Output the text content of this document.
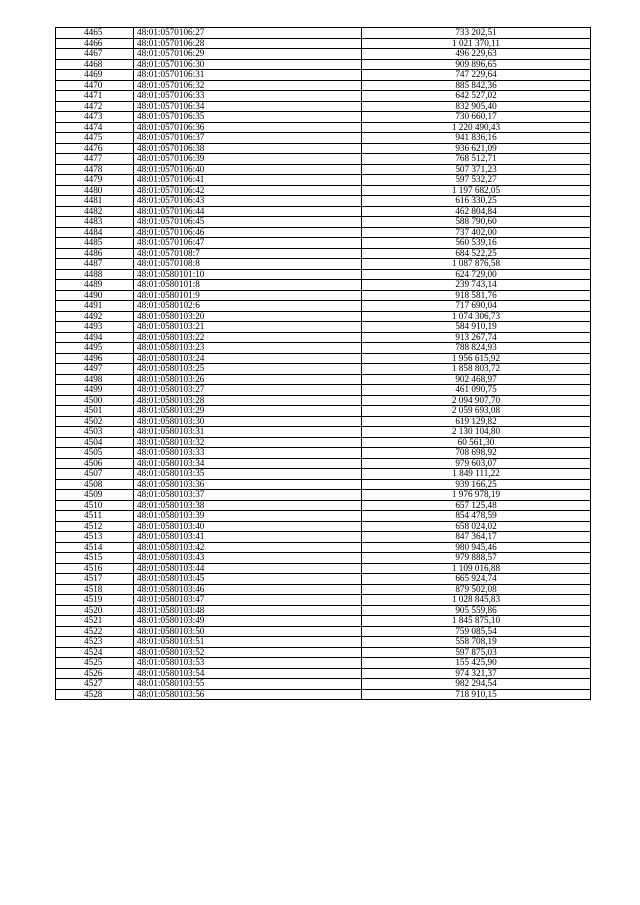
4465	48:01:0570106:27	733 202,51
4466	48:01:0570106:28	1 021 370,11
4467	48:01:0570106:29	496 229,63
4468	48:01:0570106:30	909 896,65
4469	48:01:0570106:31	747 229,64
4470	48:01:0570106:32	885 842,36
4471	48:01:0570106:33	642 527,02
4472	48:01:0570106:34	832 905,40
4473	48:01:0570106:35	730 660,17
4474	48:01:0570106:36	1 220 490,43
4475	48:01:0570106:37	941 836,16
4476	48:01:0570106:38	936 621,09
4477	48:01:0570106:39	768 512,71
4478	48:01:0570106:40	507 371,23
4479	48:01:0570106:41	597 532,27
4480	48:01:0570106:42	1 197 682,05
4481	48:01:0570106:43	616 330,25
4482	48:01:0570106:44	462 804,84
4483	48:01:0570106:45	588 790,60
4484	48:01:0570106:46	737 402,00
4485	48:01:0570106:47	560 539,16
4486	48:01:0570108:7	684 522,25
4487	48:01:0570108:8	1 087 876,58
4488	48:01:0580101:10	624 729,00
4489	48:01:0580101:8	239 743,14
4490	48:01:0580101:9	918 581,76
4491	48:01:0580102:6	717 690,04
4492	48:01:0580103:20	1 074 306,73
4493	48:01:0580103:21	584 910,19
4494	48:01:0580103:22	913 267,74
4495	48:01:0580103:23	788 824,93
4496	48:01:0580103:24	1 956 615,92
4497	48:01:0580103:25	1 858 803,72
4498	48:01:0580103:26	902 468,97
4499	48:01:0580103:27	461 090,75
4500	48:01:0580103:28	2 094 907,70
4501	48:01:0580103:29	2 059 693,08
4502	48:01:0580103:30	619 129,82
4503	48:01:0580103:31	2 130 104,80
4504	48:01:0580103:32	60 561,30
4505	48:01:0580103:33	708 698,92
4506	48:01:0580103:34	979 603,07
4507	48:01:0580103:35	1 849 111,22
4508	48:01:0580103:36	939 166,25
4509	48:01:0580103:37	1 976 978,19
4510	48:01:0580103:38	657 125,48
4511	48:01:0580103:39	854 478,59
4512	48:01:0580103:40	658 024,02
4513	48:01:0580103:41	847 364,17
4514	48:01:0580103:42	980 945,46
4515	48:01:0580103:43	979 888,57
4516	48:01:0580103:44	1 109 016,88
4517	48:01:0580103:45	665 924,74
4518	48:01:0580103:46	879 502,08
4519	48:01:0580103:47	1 028 845,83
4520	48:01:0580103:48	905 559,86
4521	48:01:0580103:49	1 845 875,10
4522	48:01:0580103:50	759 085,54
4523	48:01:0580103:51	558 708,19
4524	48:01:0580103:52	597 875,03
4525	48:01:0580103:53	155 425,90
4526	48:01:0580103:54	974 321,37
4527	48:01:0580103:55	982 294,54
4528	48:01:0580103:56	718 910,15
